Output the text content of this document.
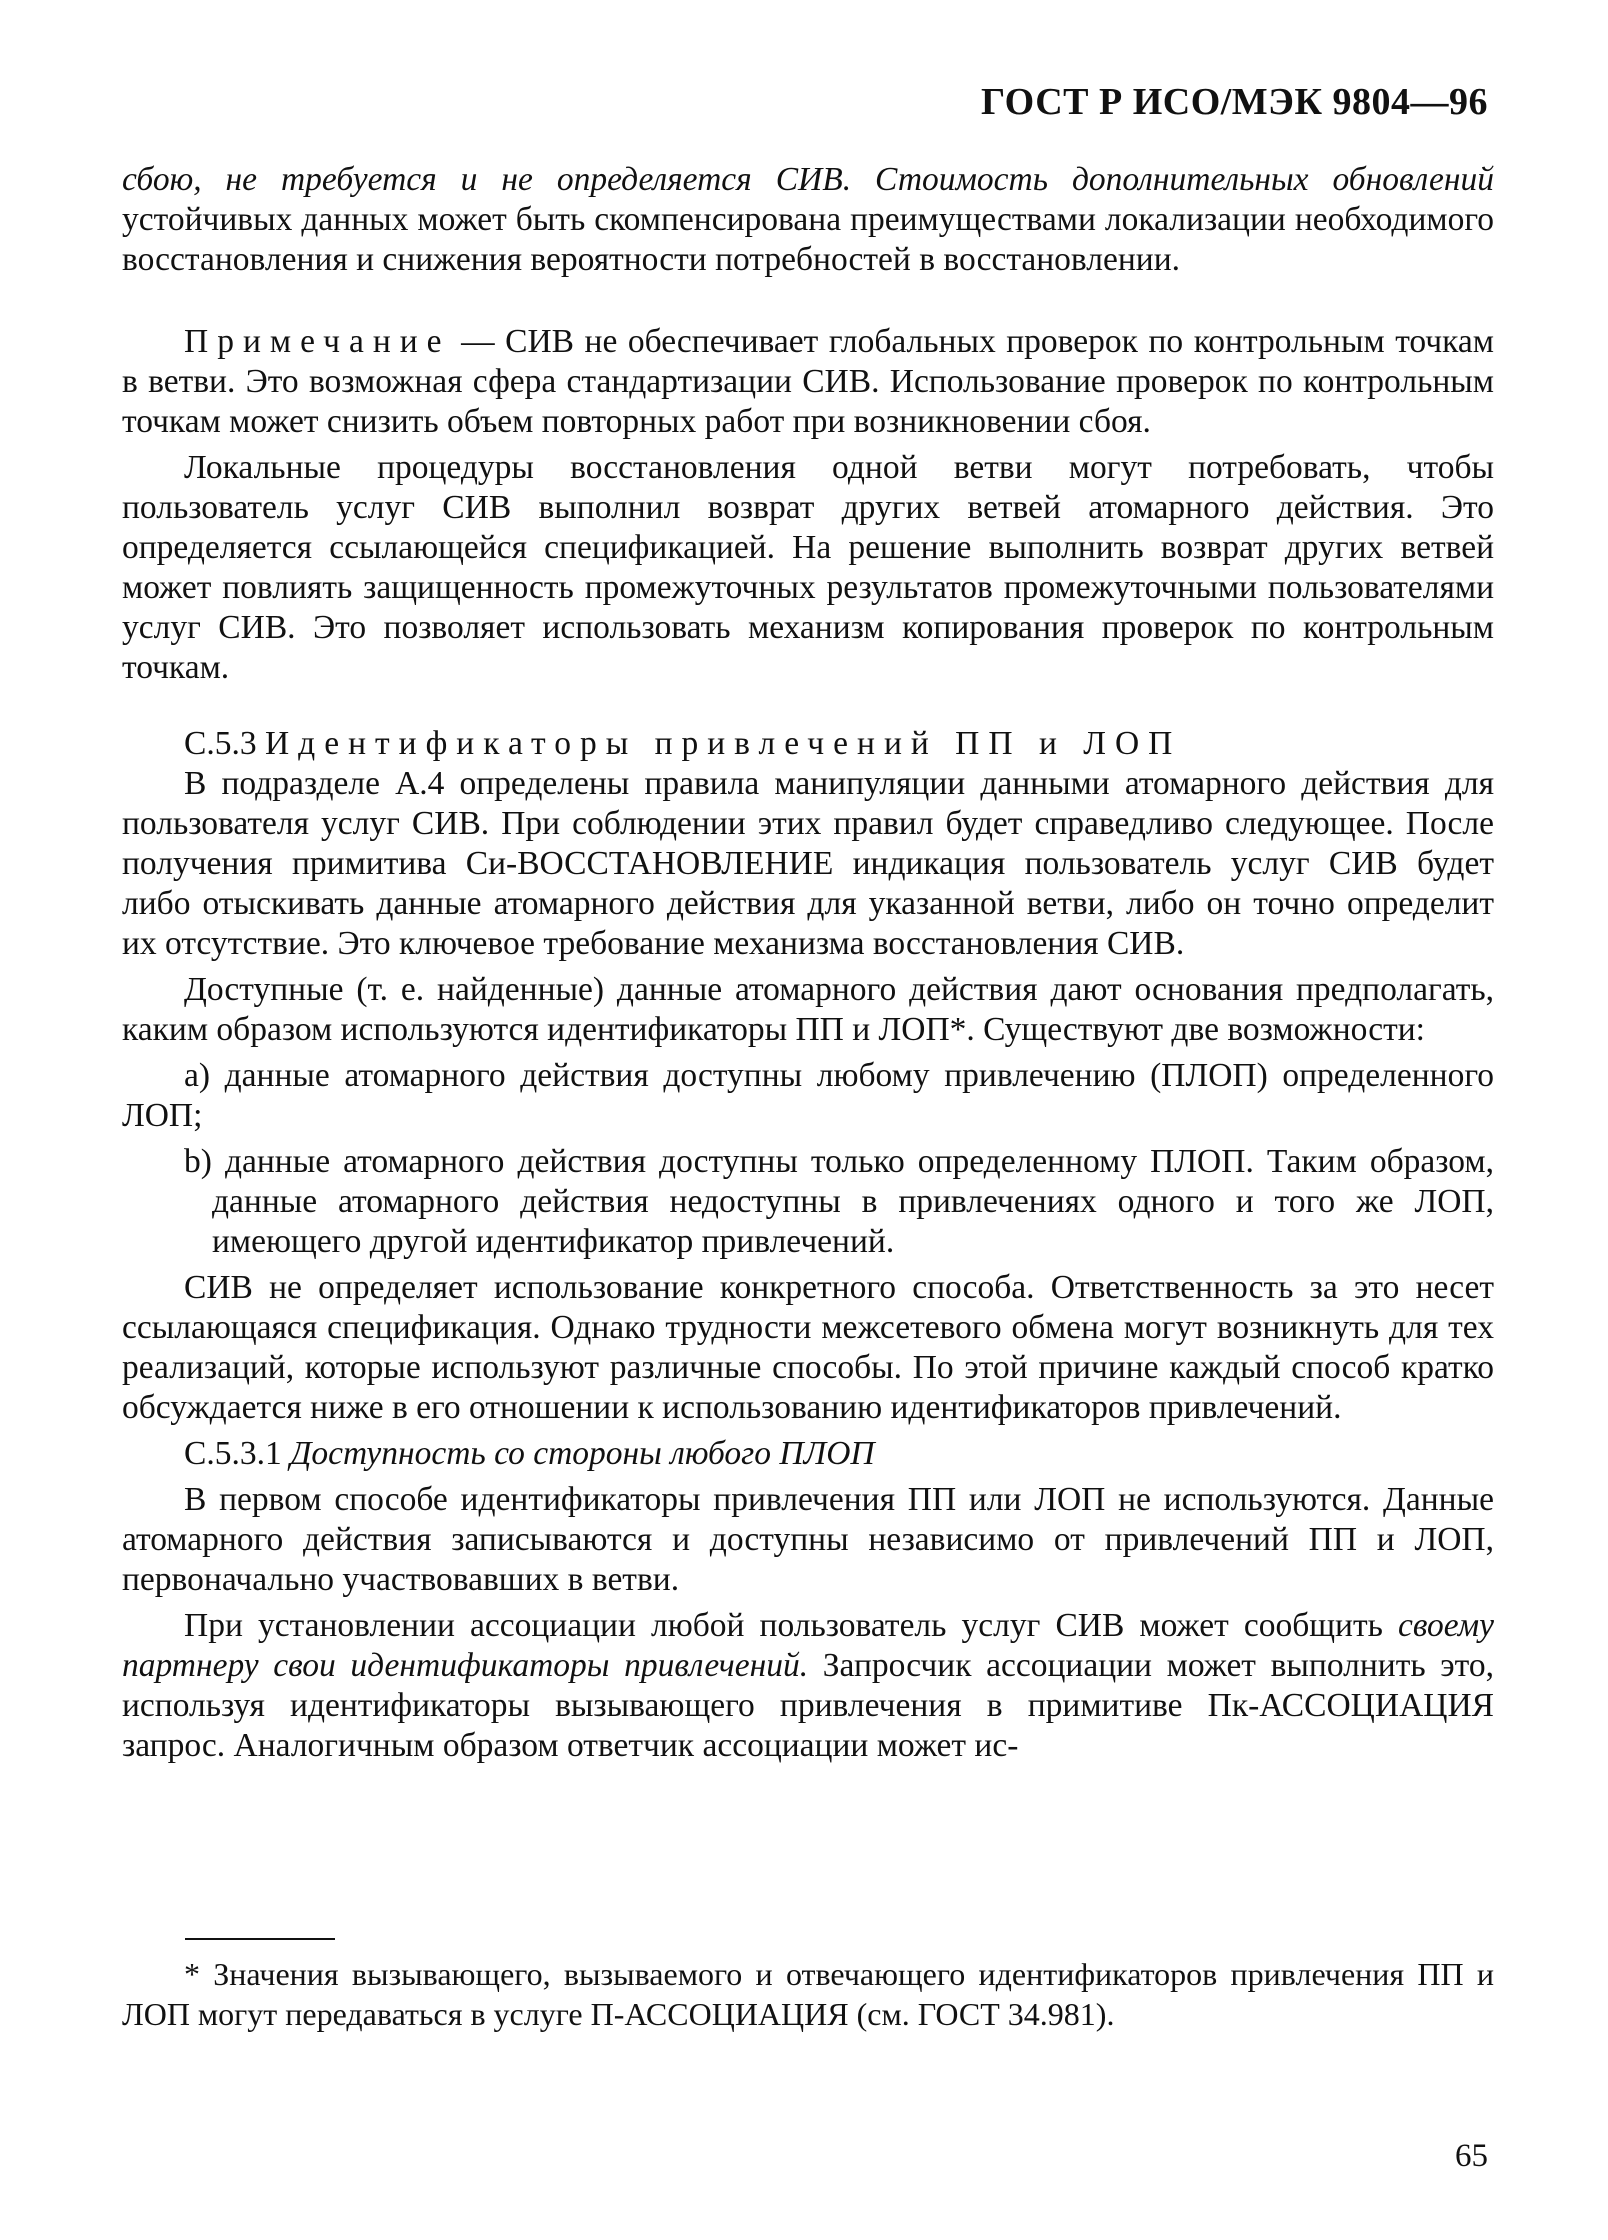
ГОСТ Р ИСО/МЭК 9804—96

сбою, не требуется и не определяется СИВ. Стоимость дополнительных обновлений устойчивых данных может быть скомпенсирована преимуществами локализации необходимого восстановления и снижения вероятности потребностей в восстановлении.

Примечание — СИВ не обеспечивает глобальных проверок по контрольным точкам в ветви. Это возможная сфера стандартизации СИВ. Использование проверок по контрольным точкам может снизить объем повторных работ при возникновении сбоя.

Локальные процедуры восстановления одной ветви могут потребовать, чтобы пользователь услуг СИВ выполнил возврат других ветвей атомарного действия. Это определяется ссылающейся спецификацией. На решение выполнить возврат других ветвей может повлиять защищенность промежуточных результатов промежуточными пользователями услуг СИВ. Это позволяет использовать механизм копирования проверок по контрольным точкам.

С.5.3 Идентификаторы привлечений ПП и ЛОП

В подразделе А.4 определены правила манипуляции данными атомарного действия для пользователя услуг СИВ. При соблюдении этих правил будет справедливо следующее. После получения примитива Си-ВОССТАНОВЛЕНИЕ индикация пользователь услуг СИВ будет либо отыскивать данные атомарного действия для указанной ветви, либо он точно определит их отсутствие. Это ключевое требование механизма восстановления СИВ.

Доступные (т. е. найденные) данные атомарного действия дают основания предполагать, каким образом используются идентификаторы ПП и ЛОП*. Существуют две возможности:

а) данные атомарного действия доступны любому привлечению (ПЛОП) определенного ЛОП;

b) данные атомарного действия доступны только определенному ПЛОП. Таким образом, данные атомарного действия недоступны в привлечениях одного и того же ЛОП, имеющего другой идентификатор привлечений.

СИВ не определяет использование конкретного способа. Ответственность за это несет ссылающаяся спецификация. Однако трудности межсетевого обмена могут возникнуть для тех реализаций, которые используют различные способы. По этой причине каждый способ кратко обсуждается ниже в его отношении к использованию идентификаторов привлечений.

С.5.3.1 Доступность со стороны любого ПЛОП

В первом способе идентификаторы привлечения ПП или ЛОП не используются. Данные атомарного действия записываются и доступны независимо от привлечений ПП и ЛОП, первоначально участвовавших в ветви.

При установлении ассоциации любой пользователь услуг СИВ может сообщить своему партнеру свои идентификаторы привлечений. Запросчик ассоциации может выполнить это, используя идентификаторы вызывающего привлечения в примитиве Пк-АССОЦИАЦИЯ запрос. Аналогичным образом ответчик ассоциации может ис-

* Значения вызывающего, вызываемого и отвечающего идентификаторов привлечения ПП и ЛОП могут передаваться в услуге П-АССОЦИАЦИЯ (см. ГОСТ 34.981).

65
